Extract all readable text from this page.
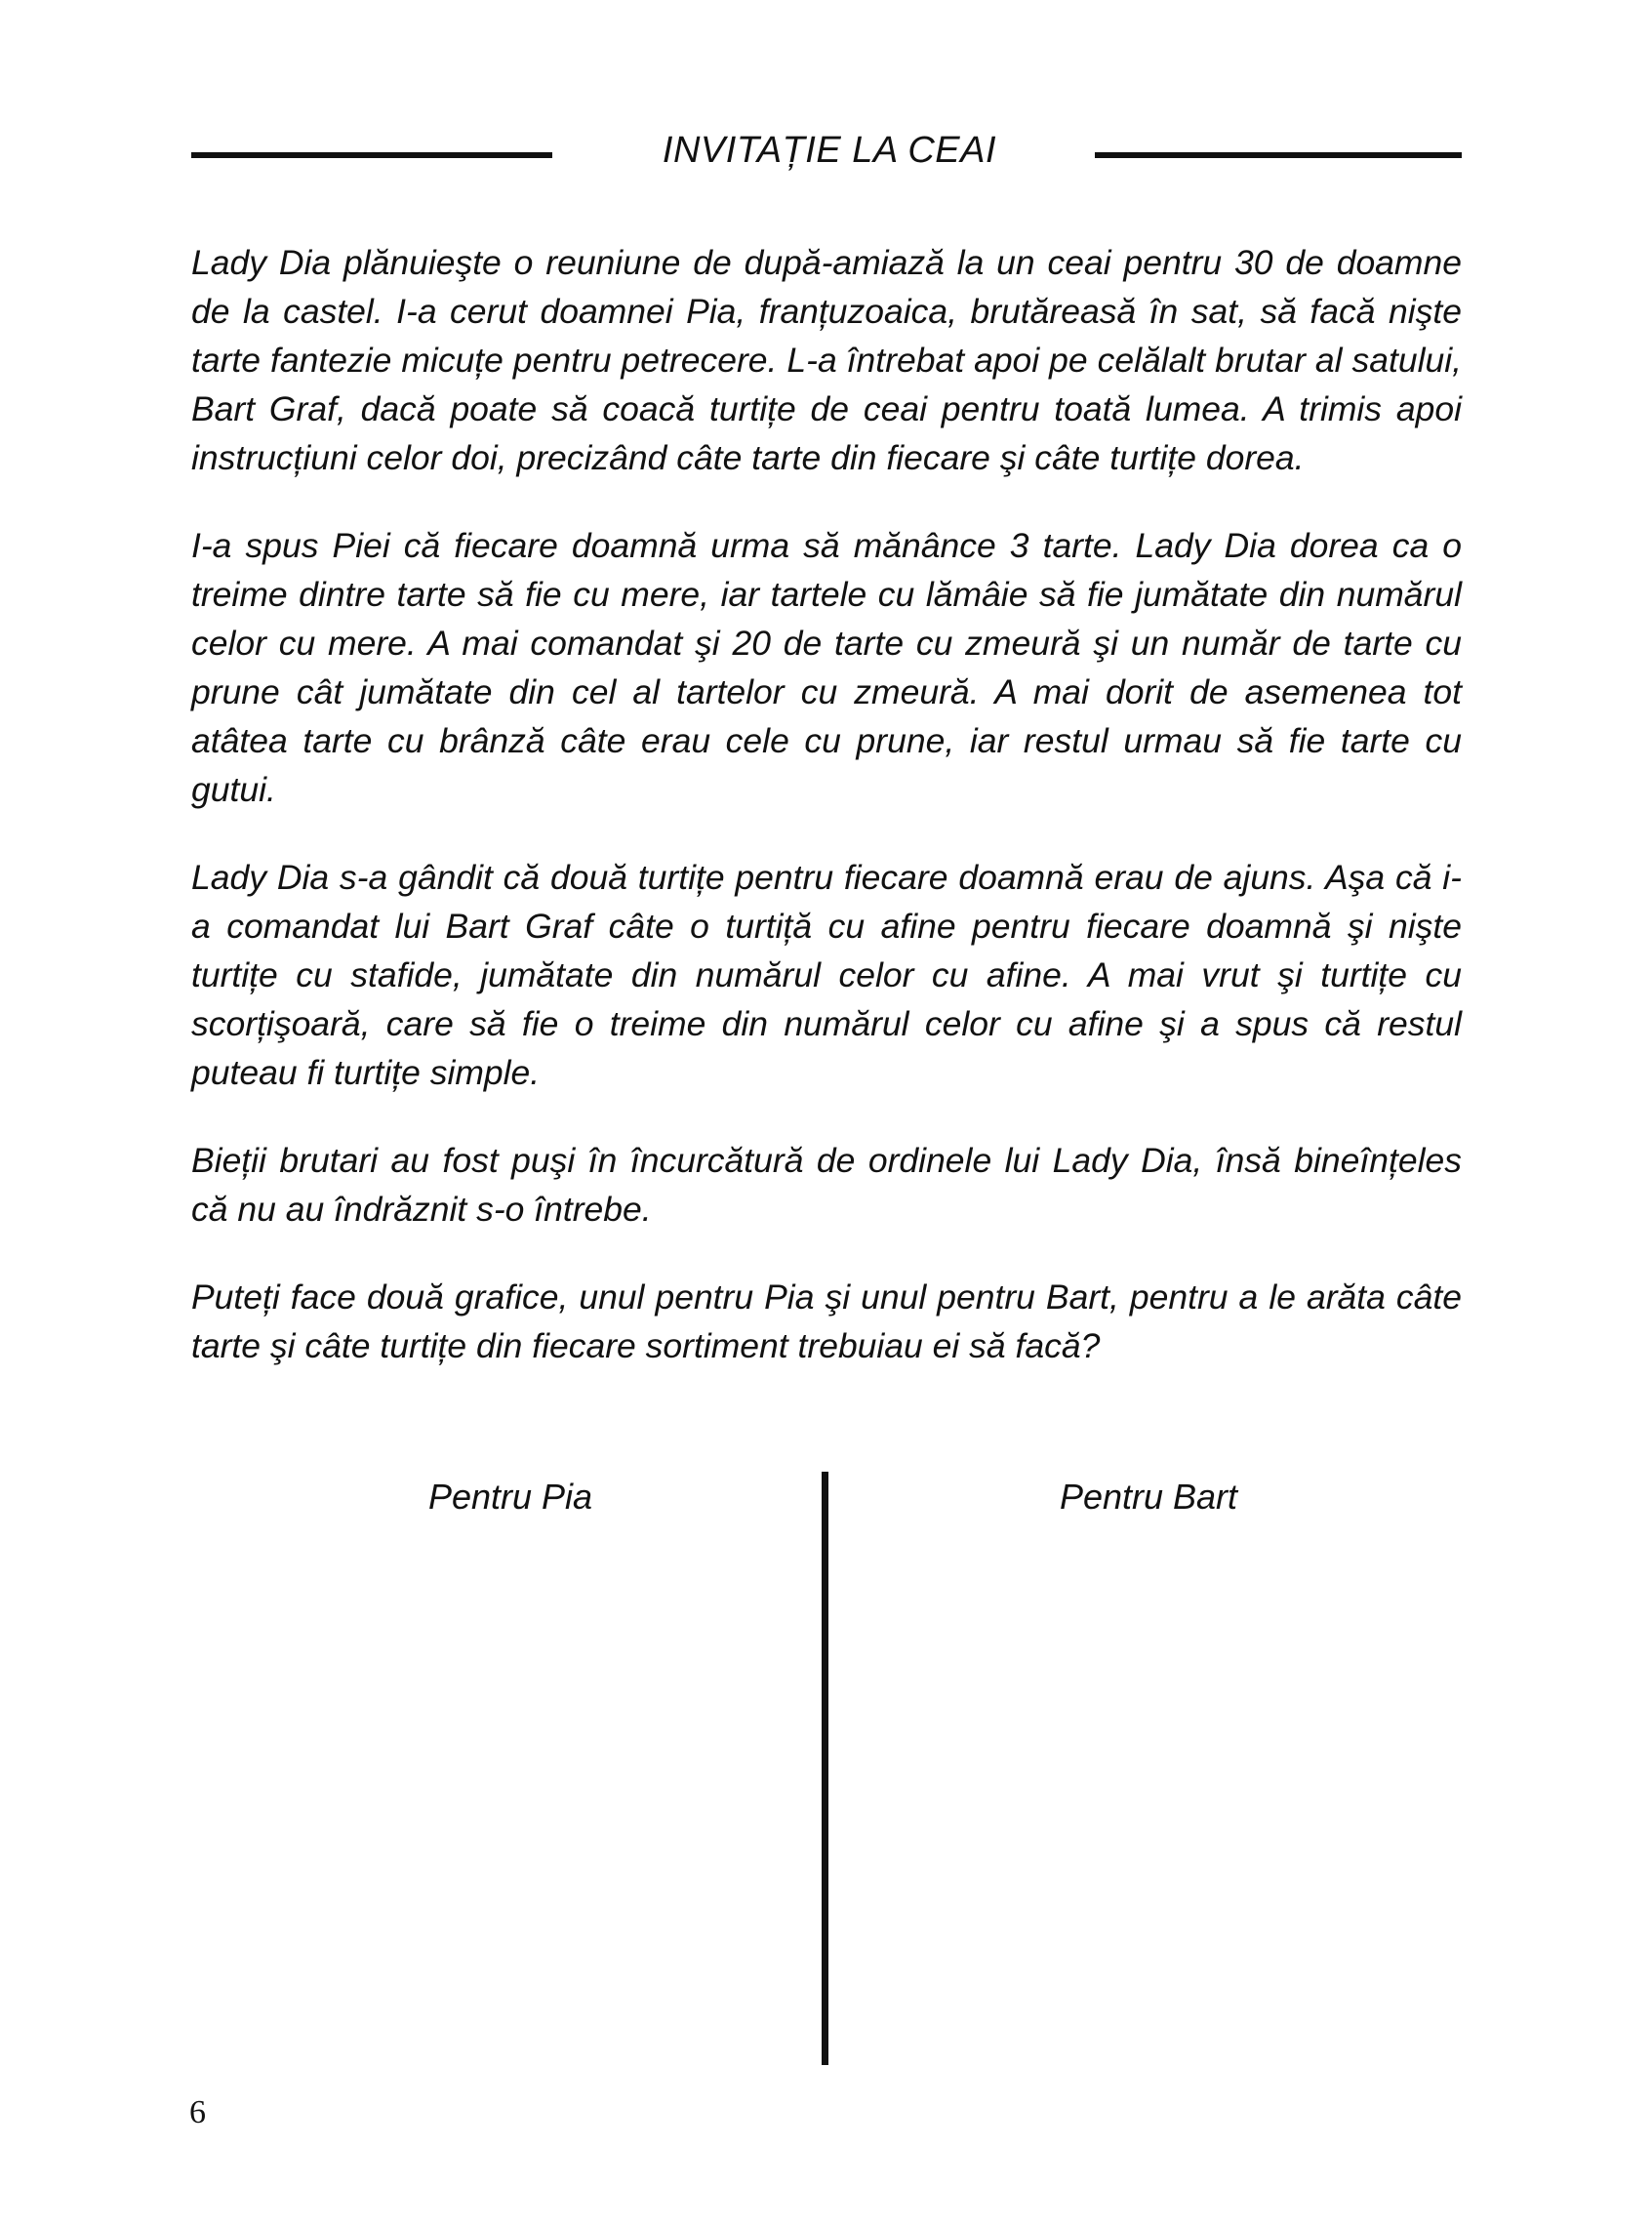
INVITAȚIE LA CEAI

Lady Dia plănuieşte o reuniune de după-amiază la un ceai pentru 30 de doamne de la castel. I-a cerut doamnei Pia, franțuzoaica, brutăreasă în sat, să facă nişte tarte fantezie micuțe pentru petrecere. L-a întrebat apoi pe celălalt brutar al satului, Bart Graf, dacă poate să coacă turtițe de ceai pentru toată lumea. A trimis apoi instrucțiuni celor doi, precizând câte tarte din fiecare şi câte turtițe dorea.

I-a spus Piei că fiecare doamnă urma să mănânce 3 tarte. Lady Dia dorea ca o treime dintre tarte să fie cu mere, iar tartele cu lămâie să fie jumătate din numărul celor cu mere. A mai comandat şi 20 de tarte cu zmeură şi un număr de tarte cu prune cât jumătate din cel al tartelor cu zmeură. A mai dorit de asemenea tot atâtea tarte cu brânză câte erau cele cu prune, iar restul urmau să fie tarte cu gutui.

Lady Dia s-a gândit că două turtițe pentru fiecare doamnă erau de ajuns. Aşa că i-a comandat lui Bart Graf câte o turtiță cu afine pentru fiecare doamnă şi nişte turtițe cu stafide, jumătate din numărul celor cu afine. A mai vrut şi turtițe cu scorțişoară, care să fie o treime din numărul celor cu afine şi a spus că restul puteau fi turtițe simple.

Bieții brutari au fost puşi în încurcătură de ordinele lui Lady Dia, însă bineînțeles că nu au îndrăznit s-o întrebe.

Puteți face două grafice, unul pentru Pia şi unul pentru Bart, pentru a le arăta câte tarte şi câte turtițe din fiecare sortiment trebuiau ei să facă?

Pentru Pia	Pentru Bart
6
